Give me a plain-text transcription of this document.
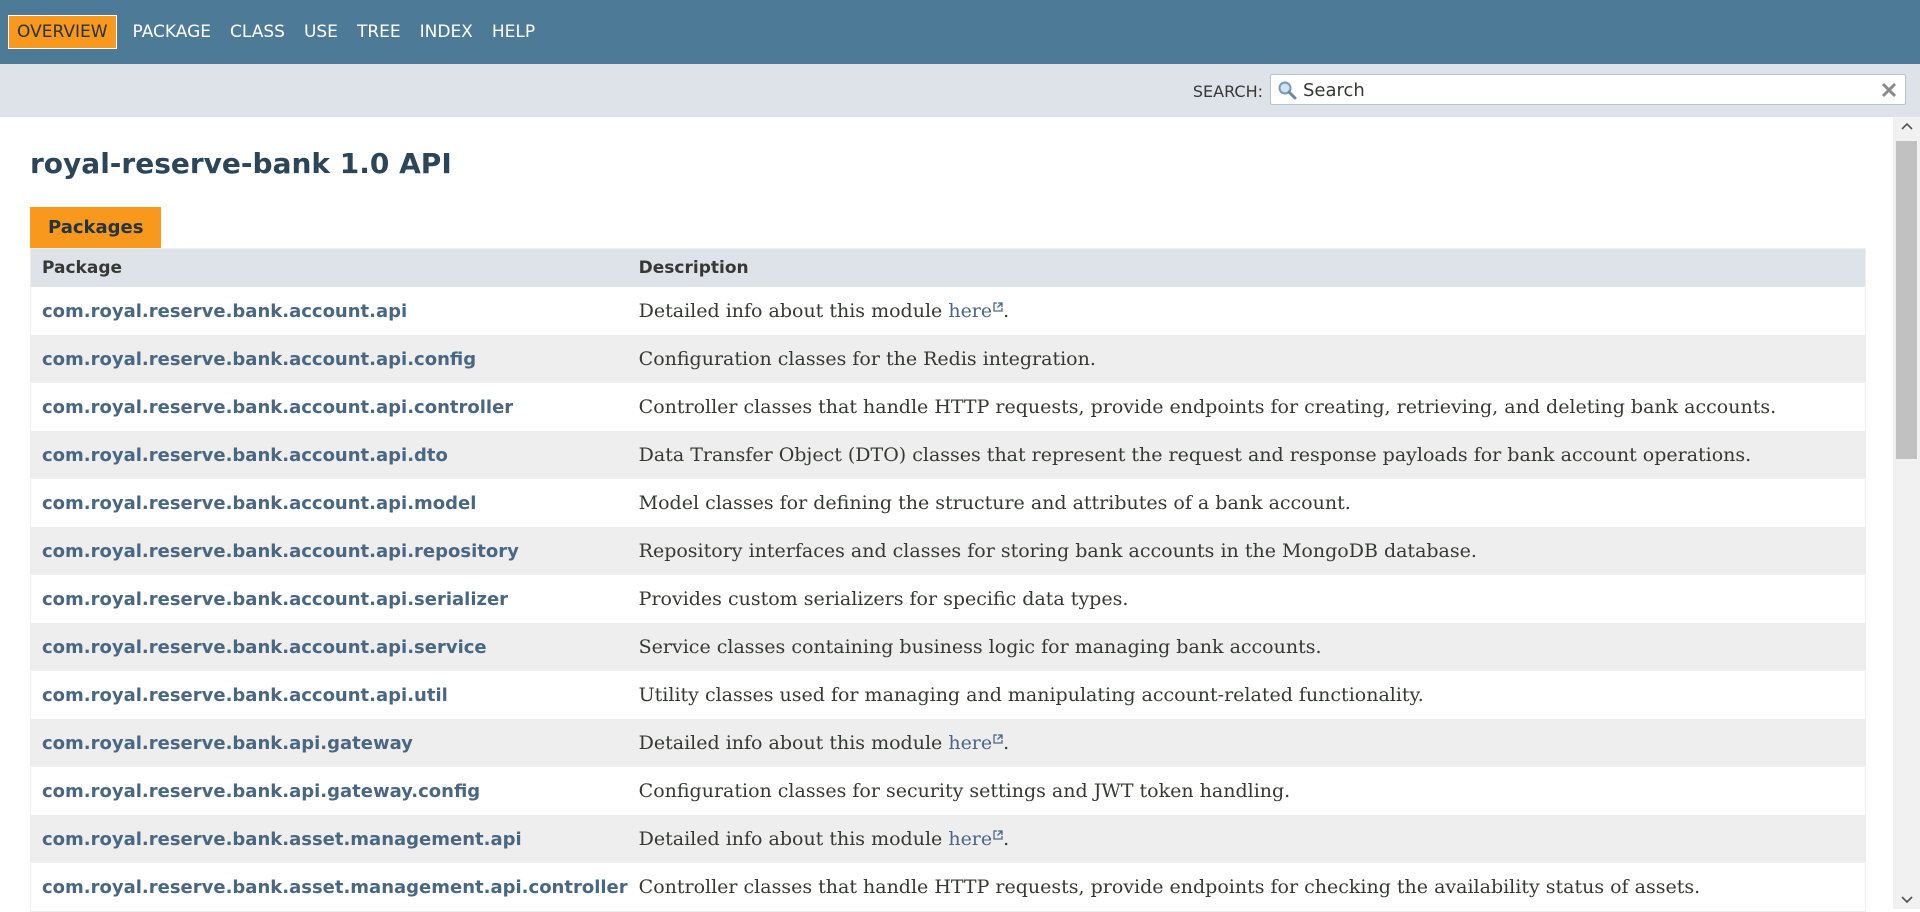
OVERVIEW	PACKAGE CLASS USE TREE INDEX HELP
SEARCH:
Search
royal-reserve-bank 1.0 API
Packages
Package	Description
com.royal.reserve.bank.account.api	Detailed info about this module here .
com.royal.reserve.bank.account.api.config	Configuration classes for the Redis integration.
com.royal.reserve.bank.account.api.controller	Controller classes that handle HTTP requests, provide endpoints for creating, retrieving, and deleting bank accounts.
com.royal.reserve.bank.account.api.dto	Data Transfer Object (DTO) classes that represent the request and response payloads for bank account operations.
com.royal.reserve.bank.account.api.model	Model classes for defining the structure and attributes of a bank account.
com.royal.reserve.bank.account.api.repository	Repository interfaces and classes for storing bank accounts in the MongoDB database.
com.royal.reserve.bank.account.api.serializer	Provides custom serializers for specific data types.
com.royal.reserve.bank.account.api.service	Service classes containing business logic for managing bank accounts.
com.royal.reserve.bank.account.api.util	Utility classes used for managing and manipulating account-related functionality.
com.royal.reserve.bank.api.gateway	Detailed info about this module here .
com.royal.reserve.bank.api.gateway.config	Configuration classes for security settings and JWT token handling.
com.royal.reserve.bank.asset.management.api	Detailed info about this module here .
com.royal.reserve.bank.asset.management.api.controller	Controller classes that handle HTTP requests, provide endpoints for checking the availability status of assets.
